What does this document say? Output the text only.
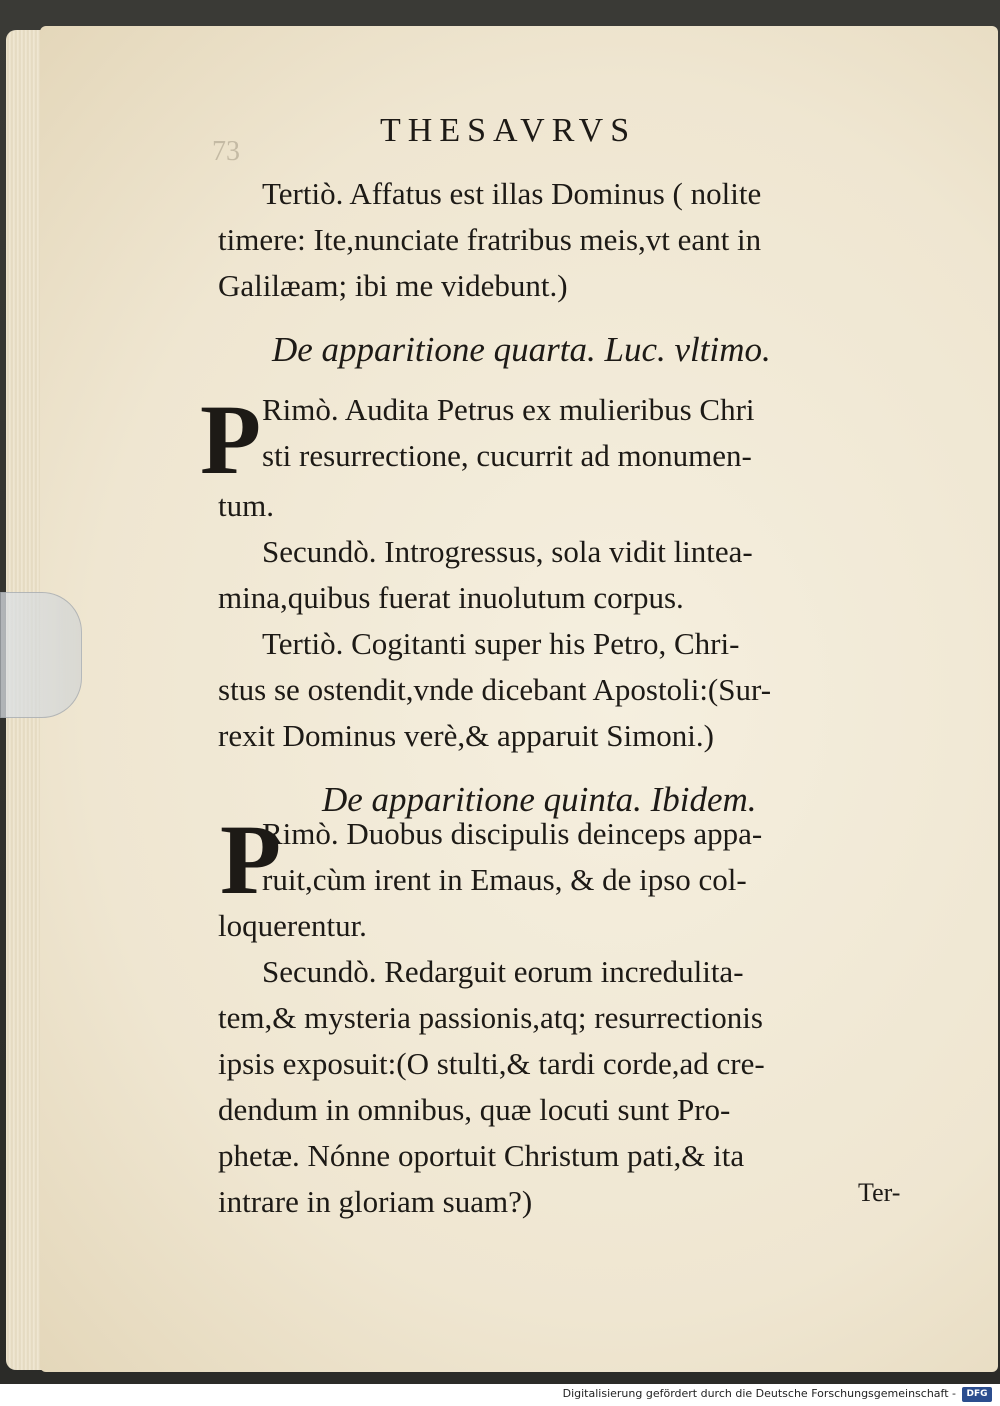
73
THESAVRVS
Tertiò. Affatus est illas Dominus ( nolite
timere: Ite,nunciate fratribus meis,vt eant in
Galilæam; ibi me videbunt.)
De apparitione quarta. Luc. vltimo.
P Rimò. Audita Petrus ex mulieribus Chri
sti resurrectione, cucurrit ad monumen-
tum.
Secundò. Introgressus, sola vidit lintea-
mina,quibus fuerat inuolutum corpus.
Tertiò. Cogitanti super his Petro, Chri-
stus se ostendit,vnde dicebant Apostoli:(Sur-
rexit Dominus verè,& apparuit Simoni.)
De apparitione quinta. Ibidem.
P
Rimò. Duobus discipulis deinceps appa-
ruit,cùm irent in Emaus, & de ipso col-
loquerentur.
Secundò. Redarguit eorum incredulita-
tem,& mysteria passionis,atq; resurrectionis
ipsis exposuit:(O stulti,& tardi corde,ad cre-
dendum in omnibus, quæ locuti sunt Pro-
phetæ. Nónne oportuit Christum pati,& ita
intrare in gloriam suam?)	Ter-
Digitalisierung gefördert durch die Deutsche Forschungsgemeinschaft -	DFG
